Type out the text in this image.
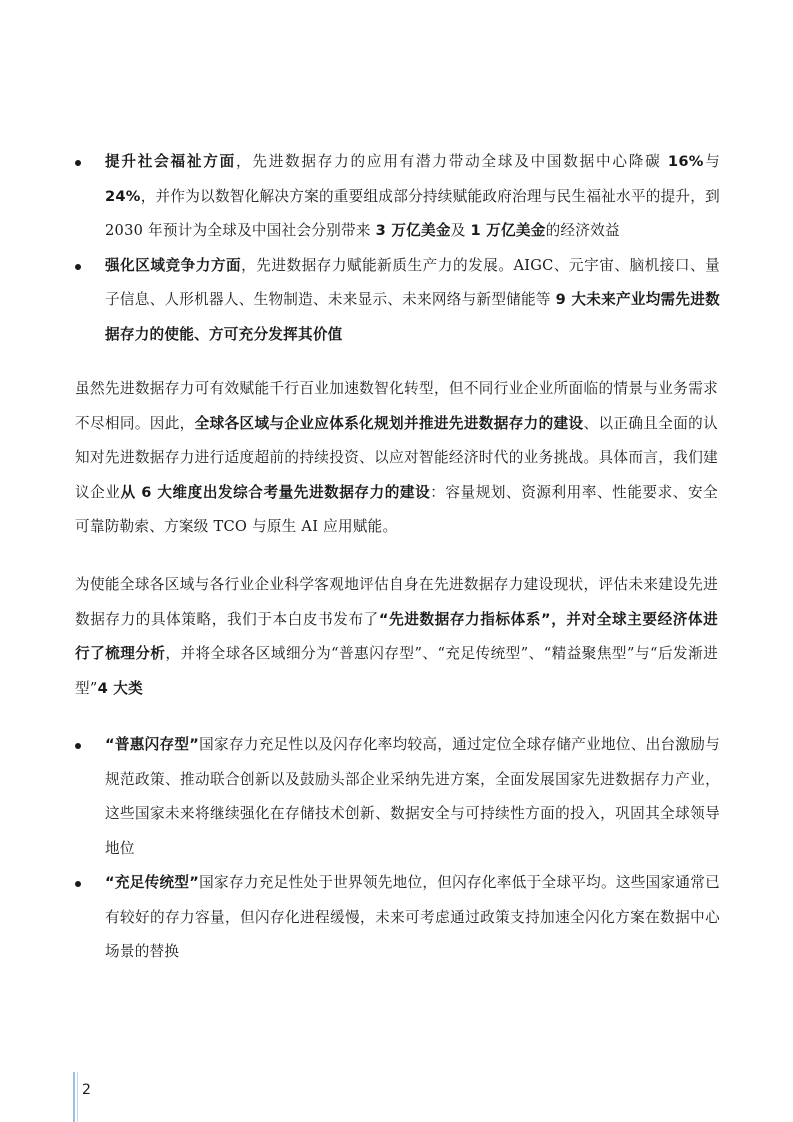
提升社会福祉方面，先进数据存力的应用有潜力带动全球及中国数据中心降碳 16%与 24%，并作为以数智化解决方案的重要组成部分持续赋能政府治理与民生福祉水平的提升，到 2030 年预计为全球及中国社会分别带来 3 万亿美金及 1 万亿美金的经济效益
强化区域竞争力方面，先进数据存力赋能新质生产力的发展。AIGC、元宇宙、脑机接口、量子信息、人形机器人、生物制造、未来显示、未来网络与新型储能等 9 大未来产业均需先进数据存力的使能、方可充分发挥其价值

虽然先进数据存力可有效赋能千行百业加速数智化转型，但不同行业企业所面临的情景与业务需求不尽相同。因此，全球各区域与企业应体系化规划并推进先进数据存力的建设、以正确且全面的认知对先进数据存力进行适度超前的持续投资、以应对智能经济时代的业务挑战。具体而言，我们建议企业从 6 大维度出发综合考量先进数据存力的建设：容量规划、资源利用率、性能要求、安全可靠防勒索、方案级 TCO 与原生 AI 应用赋能。

为使能全球各区域与各行业企业科学客观地评估自身在先进数据存力建设现状，评估未来建设先进数据存力的具体策略，我们于本白皮书发布了“先进数据存力指标体系”，并对全球主要经济体进行了梳理分析，并将全球各区域细分为“普惠闪存型”、“充足传统型”、“精益聚焦型”与“后发渐进型”4 大类

“普惠闪存型”国家存力充足性以及闪存化率均较高，通过定位全球存储产业地位、出台激励与规范政策、推动联合创新以及鼓励头部企业采纳先进方案，全面发展国家先进数据存力产业，这些国家未来将继续强化在存储技术创新、数据安全与可持续性方面的投入，巩固其全球领导地位
“充足传统型”国家存力充足性处于世界领先地位，但闪存化率低于全球平均。这些国家通常已有较好的存力容量，但闪存化进程缓慢，未来可考虑通过政策支持加速全闪化方案在数据中心场景的替换
2
